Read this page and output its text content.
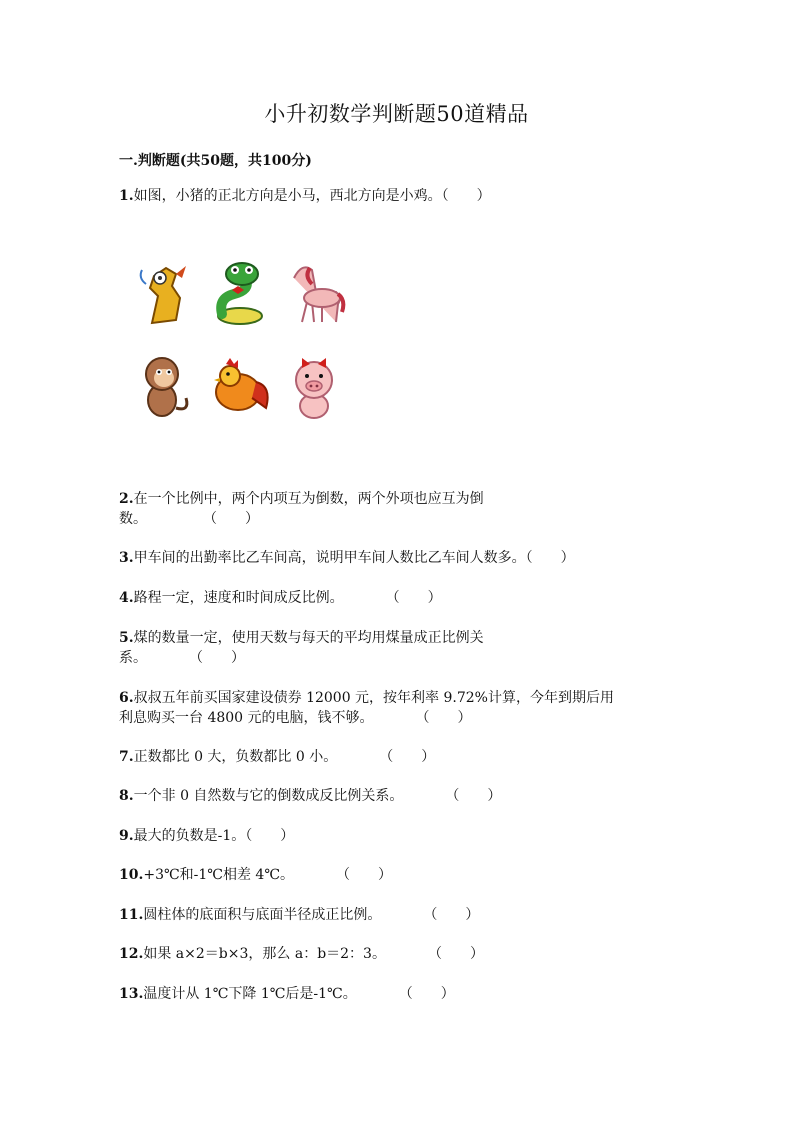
小升初数学判断题50道精品
一.判断题(共50题，共100分)
1.如图，小猪的正北方向是小马，西北方向是小鸡。（　　）
2.在一个比例中，两个内项互为倒数，两个外项也应互为倒
数。　　　　　（　　）
3.甲车间的出勤率比乙车间高，说明甲车间人数比乙车间人数多。（　　）
4.路程一定，速度和时间成反比例。　　　　（　　）
5.煤的数量一定，使用天数与每天的平均用煤量成正比例关
系。　　　　（　　）
6.叔叔五年前买国家建设债券 12000 元，按年利率 9.72%计算，今年到期后用
利息购买一台 4800 元的电脑，钱不够。　　　　（　　）
7.正数都比 0 大，负数都比 0 小。　　　　（　　）
8.一个非 0 自然数与它的倒数成反比例关系。　　　　（　　）
9.最大的负数是-1。（　　）
10.+3℃和-1℃相差 4℃。　　　　（　　）
11.圆柱体的底面积与底面半径成正比例。　　　　（　　）
12.如果 a×2＝b×3，那么 a：b＝2：3。　　　　（　　）
13.温度计从 1℃下降 1℃后是-1℃。　　　　（　　）
